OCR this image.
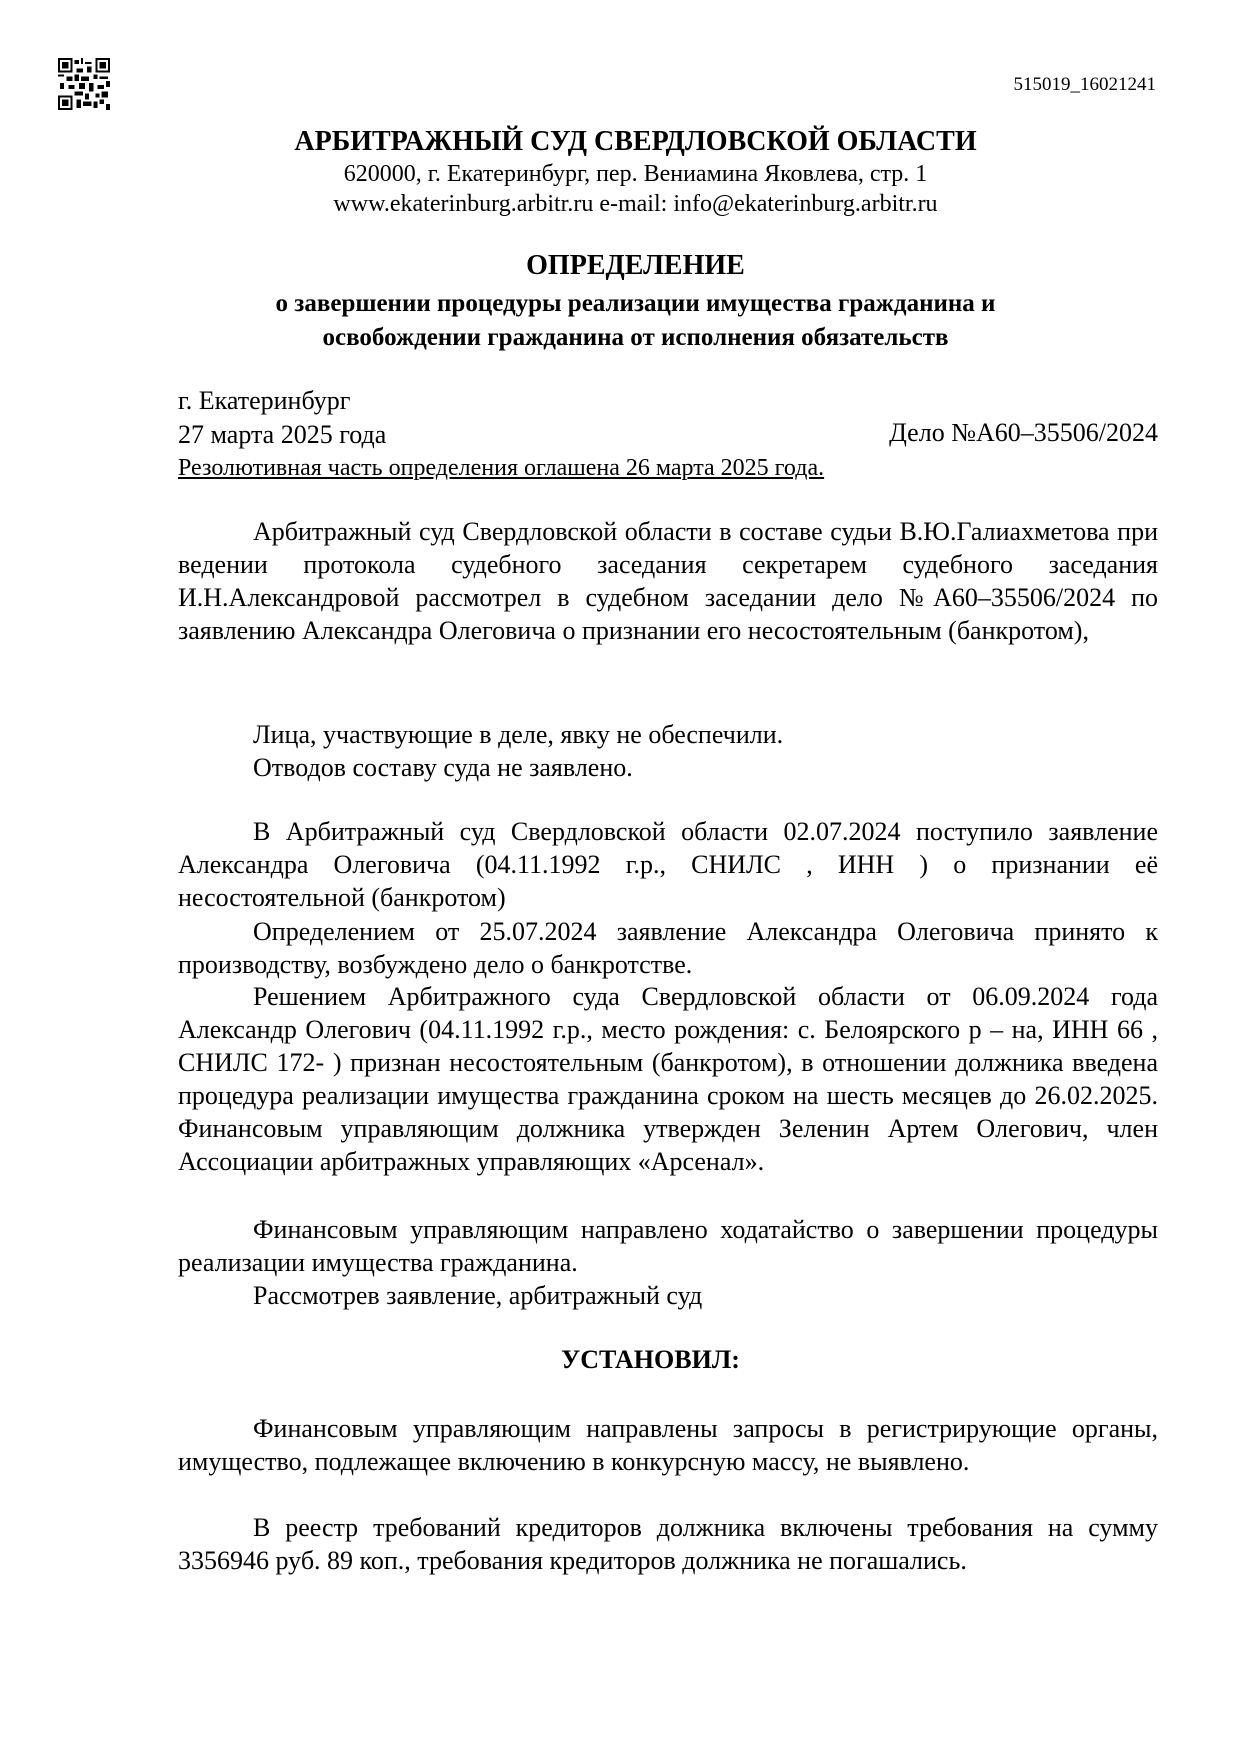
515019_16021241
АРБИТРАЖНЫЙ СУД СВЕРДЛОВСКОЙ ОБЛАСТИ
620000, г. Екатеринбург, пер. Вениамина Яковлева, стр. 1
www.ekaterinburg.arbitr.ru e-mail: info@ekaterinburg.arbitr.ru
ОПРЕДЕЛЕНИЕ
о завершении процедуры реализации имущества гражданина и
освобождении гражданина от исполнения обязательств
г. Екатеринбург
27 марта 2025 года	Дело №А60–35506/2024
Резолютивная часть определения оглашена 26 марта 2025 года.
Арбитражный суд Свердловской области в составе судьи В.Ю.Галиахметова при ведении протокола судебного заседания секретарем судебного заседания И.Н.Александровой рассмотрел в судебном заседании дело №А60–35506/2024 по заявлению Александра Олеговича о признании его несостоятельным (банкротом),
Лица, участвующие в деле, явку не обеспечили.
Отводов составу суда не заявлено.
В Арбитражный суд Свердловской области 02.07.2024 поступило заявление Александра Олеговича (04.11.1992 г.р., СНИЛС , ИНН ) о признании её несостоятельной (банкротом)
Определением от 25.07.2024 заявление Александра Олеговича принято к производству, возбуждено дело о банкротстве.
Решением Арбитражного суда Свердловской области от 06.09.2024 года Александр Олегович (04.11.1992 г.р., место рождения: с. Белоярского р – на, ИНН 66 , СНИЛС 172- ) признан несостоятельным (банкротом), в отношении должника введена процедура реализации имущества гражданина сроком на шесть месяцев до 26.02.2025. Финансовым управляющим должника утвержден Зеленин Артем Олегович, член Ассоциации арбитражных управляющих «Арсенал».
Финансовым управляющим направлено ходатайство о завершении процедуры реализации имущества гражданина.
Рассмотрев заявление, арбитражный суд
УСТАНОВИЛ:
Финансовым управляющим направлены запросы в регистрирующие органы, имущество, подлежащее включению в конкурсную массу, не выявлено.
В реестр требований кредиторов должника включены требования на сумму 3356946 руб. 89 коп., требования кредиторов должника не погашались.
